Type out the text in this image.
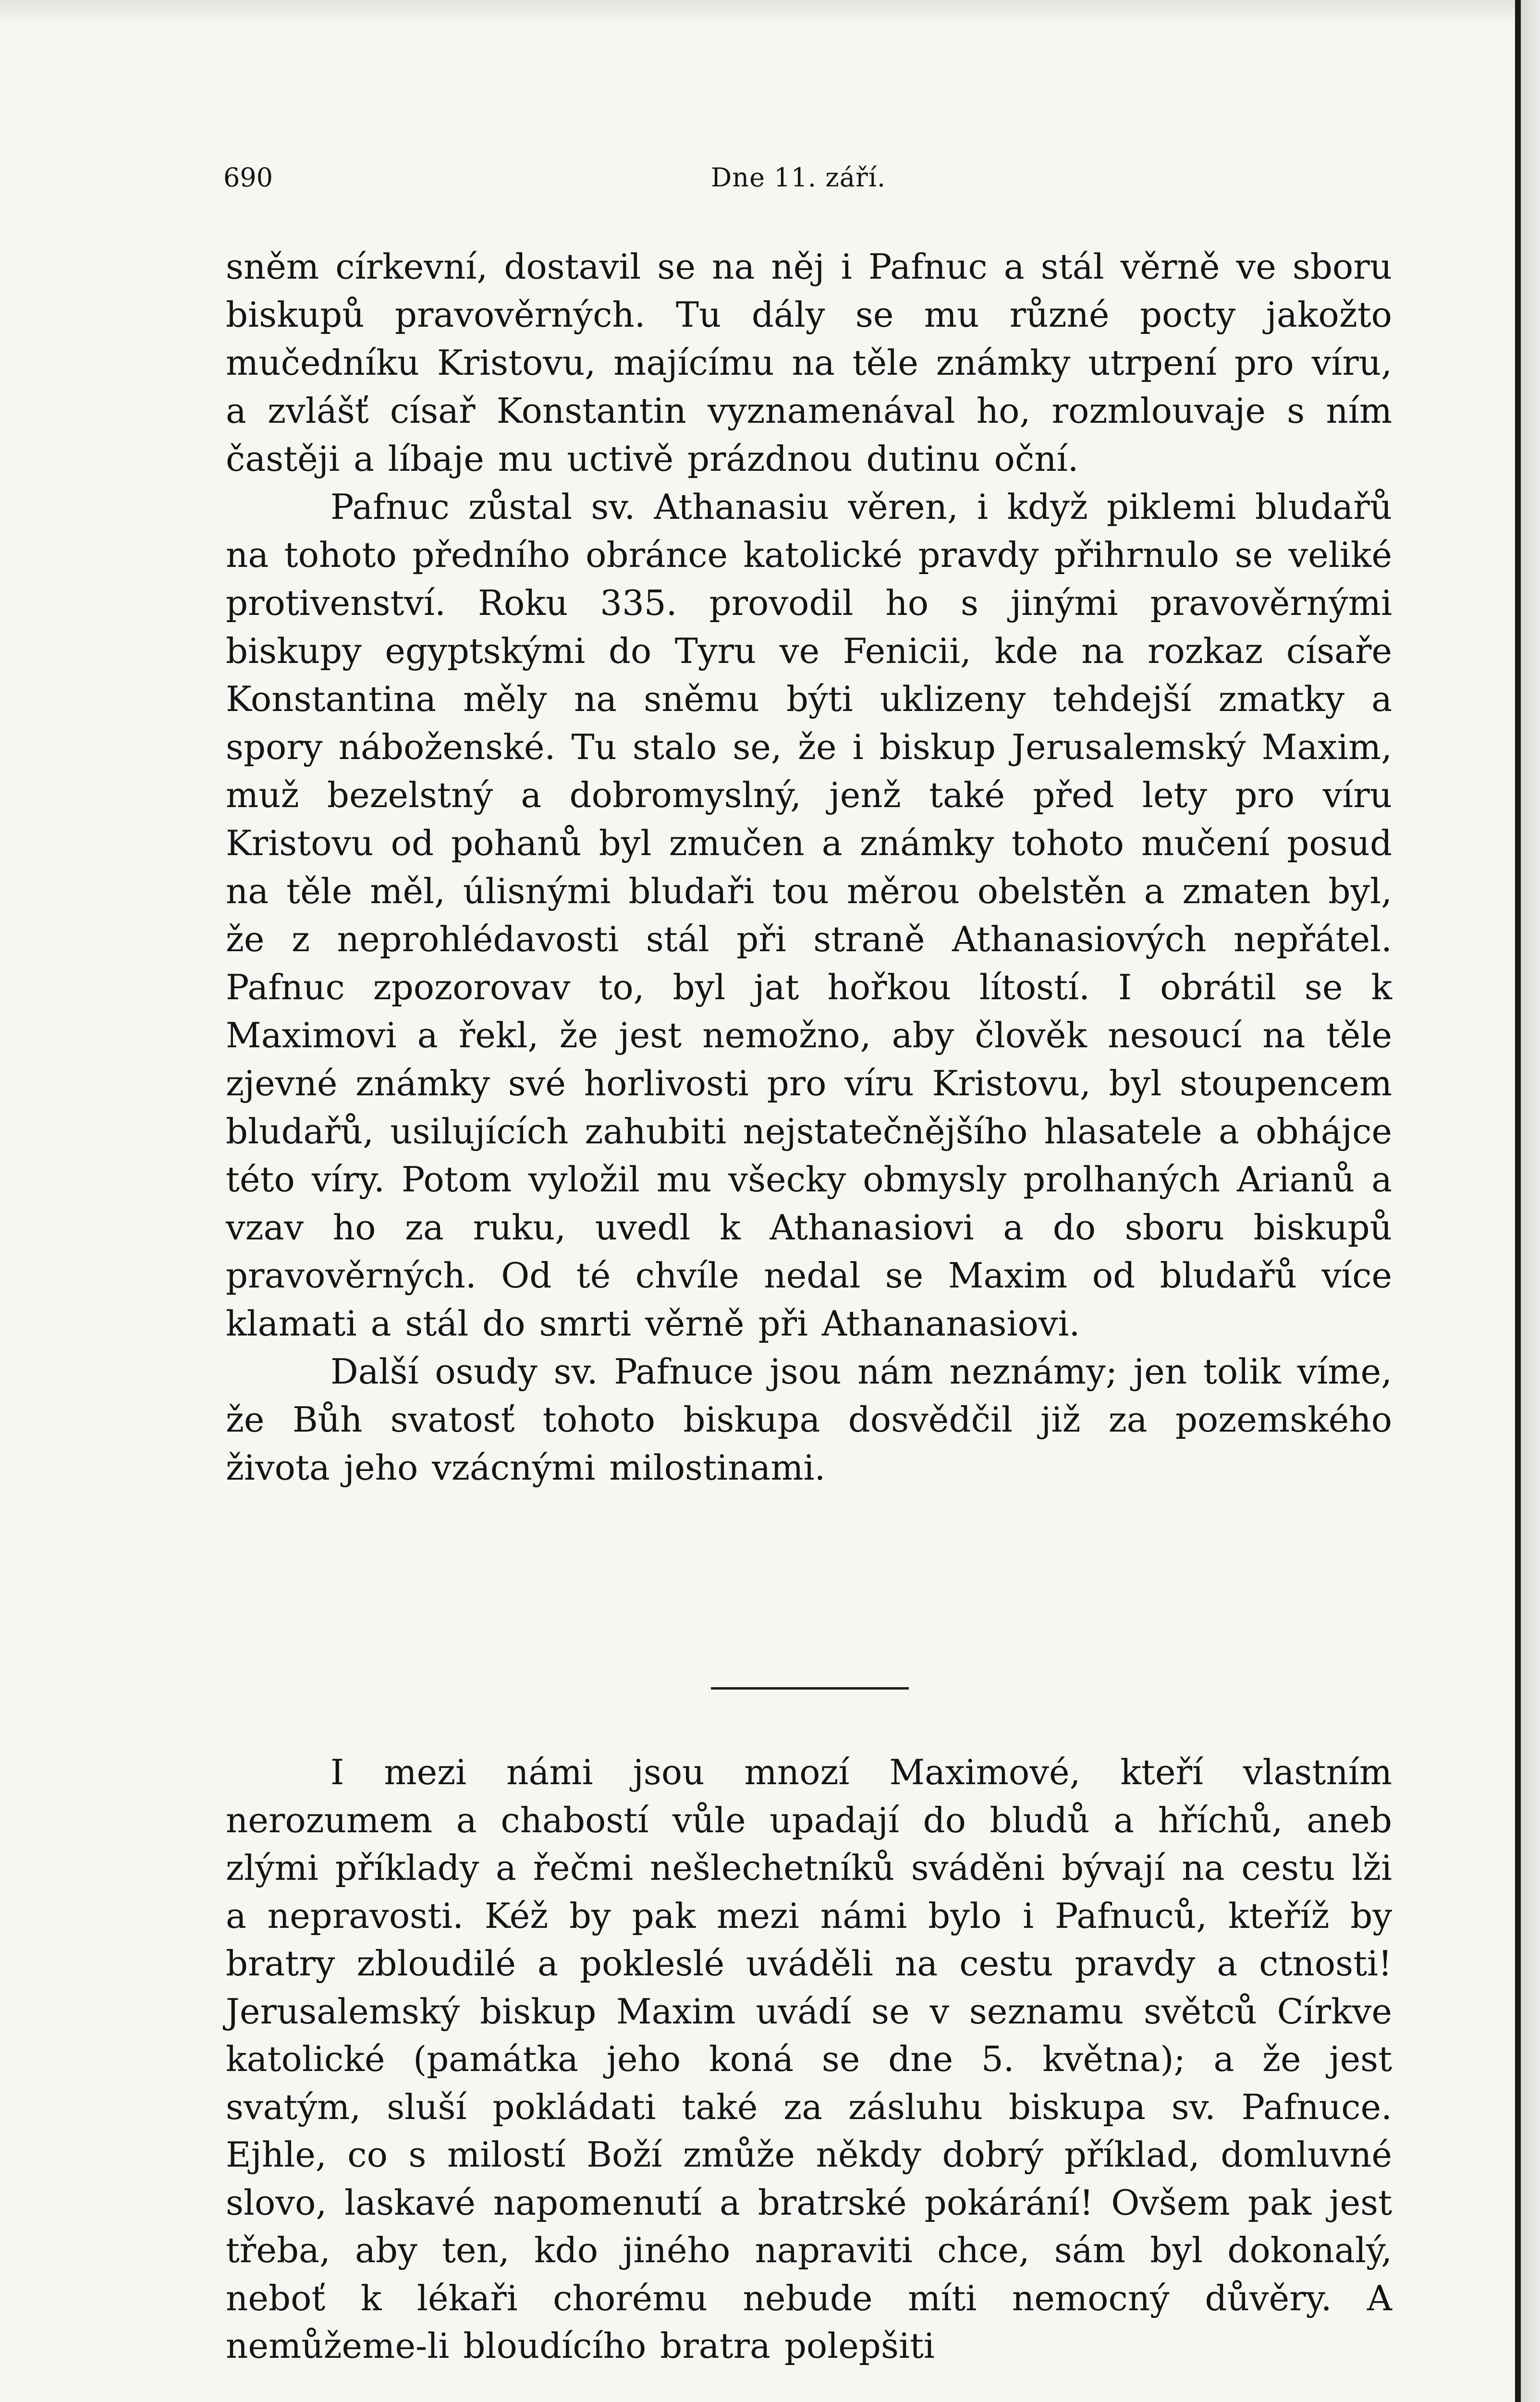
690	Dne 11. září.

sněm církevní, dostavil se na něj i Pafnuc a stál věrně ve sboru biskupů pravověrných. Tu dály se mu různé pocty jakožto mučedníku Kristovu, majícímu na těle známky utrpení pro víru, a zvlášť císař Konstantin vyznamenával ho, rozmlouvaje s ním častěji a líbaje mu uctivě prázdnou dutinu oční.

Pafnuc zůstal sv. Athanasiu věren, i když piklemi bludařů na tohoto předního obránce katolické pravdy přihrnulo se veliké protivenství. Roku 335. provodil ho s jinými pravověrnými biskupy egyptskými do Tyru ve Fenicii, kde na rozkaz císaře Konstantina měly na sněmu býti uklizeny tehdejší zmatky a spory náboženské. Tu stalo se, že i biskup Jerusalemský Maxim, muž bezelstný a dobromyslný, jenž také před lety pro víru Kristovu od pohanů byl zmučen a známky tohoto mučení posud na těle měl, úlisnými bludaři tou měrou obelstěn a zmaten byl, že z neprohlédavosti stál při straně Athanasiových nepřátel. Pafnuc zpozorovav to, byl jat hořkou lítostí. I obrátil se k Maximovi a řekl, že jest nemožno, aby člověk nesoucí na těle zjevné známky své horlivosti pro víru Kristovu, byl stoupencem bludařů, usilujících zahubiti nejstatečnějšího hlasatele a obhájce této víry. Potom vyložil mu všecky obmysly prolhaných Arianů a vzav ho za ruku, uvedl k Athanasiovi a do sboru biskupů pravověrných. Od té chvíle nedal se Maxim od bludařů více klamati a stál do smrti věrně při Athananasiovi.

Další osudy sv. Pafnuce jsou nám neznámy; jen tolik víme, že Bůh svatosť tohoto biskupa dosvědčil již za pozemského života jeho vzácnými milostinami.

I mezi námi jsou mnozí Maximové, kteří vlastním nerozumem a chabostí vůle upadají do bludů a hříchů, aneb zlými příklady a řečmi nešlechetníků sváděni bývají na cestu lži a nepravosti. Kéž by pak mezi námi bylo i Pafnuců, kteříž by bratry zbloudilé a pokleslé uváděli na cestu pravdy a ctnosti! Jerusalemský biskup Maxim uvádí se v seznamu světců Církve katolické (památka jeho koná se dne 5. května); a že jest svatým, sluší pokládati také za zásluhu biskupa sv. Pafnuce. Ejhle, co s milostí Boží zmůže někdy dobrý příklad, domluvné slovo, laskavé napomenutí a bratrské pokárání! Ovšem pak jest třeba, aby ten, kdo jiného napraviti chce, sám byl dokonalý, neboť k lékaři chorému nebude míti nemocný důvěry. A nemůžeme-li bloudícího bratra polepšiti
